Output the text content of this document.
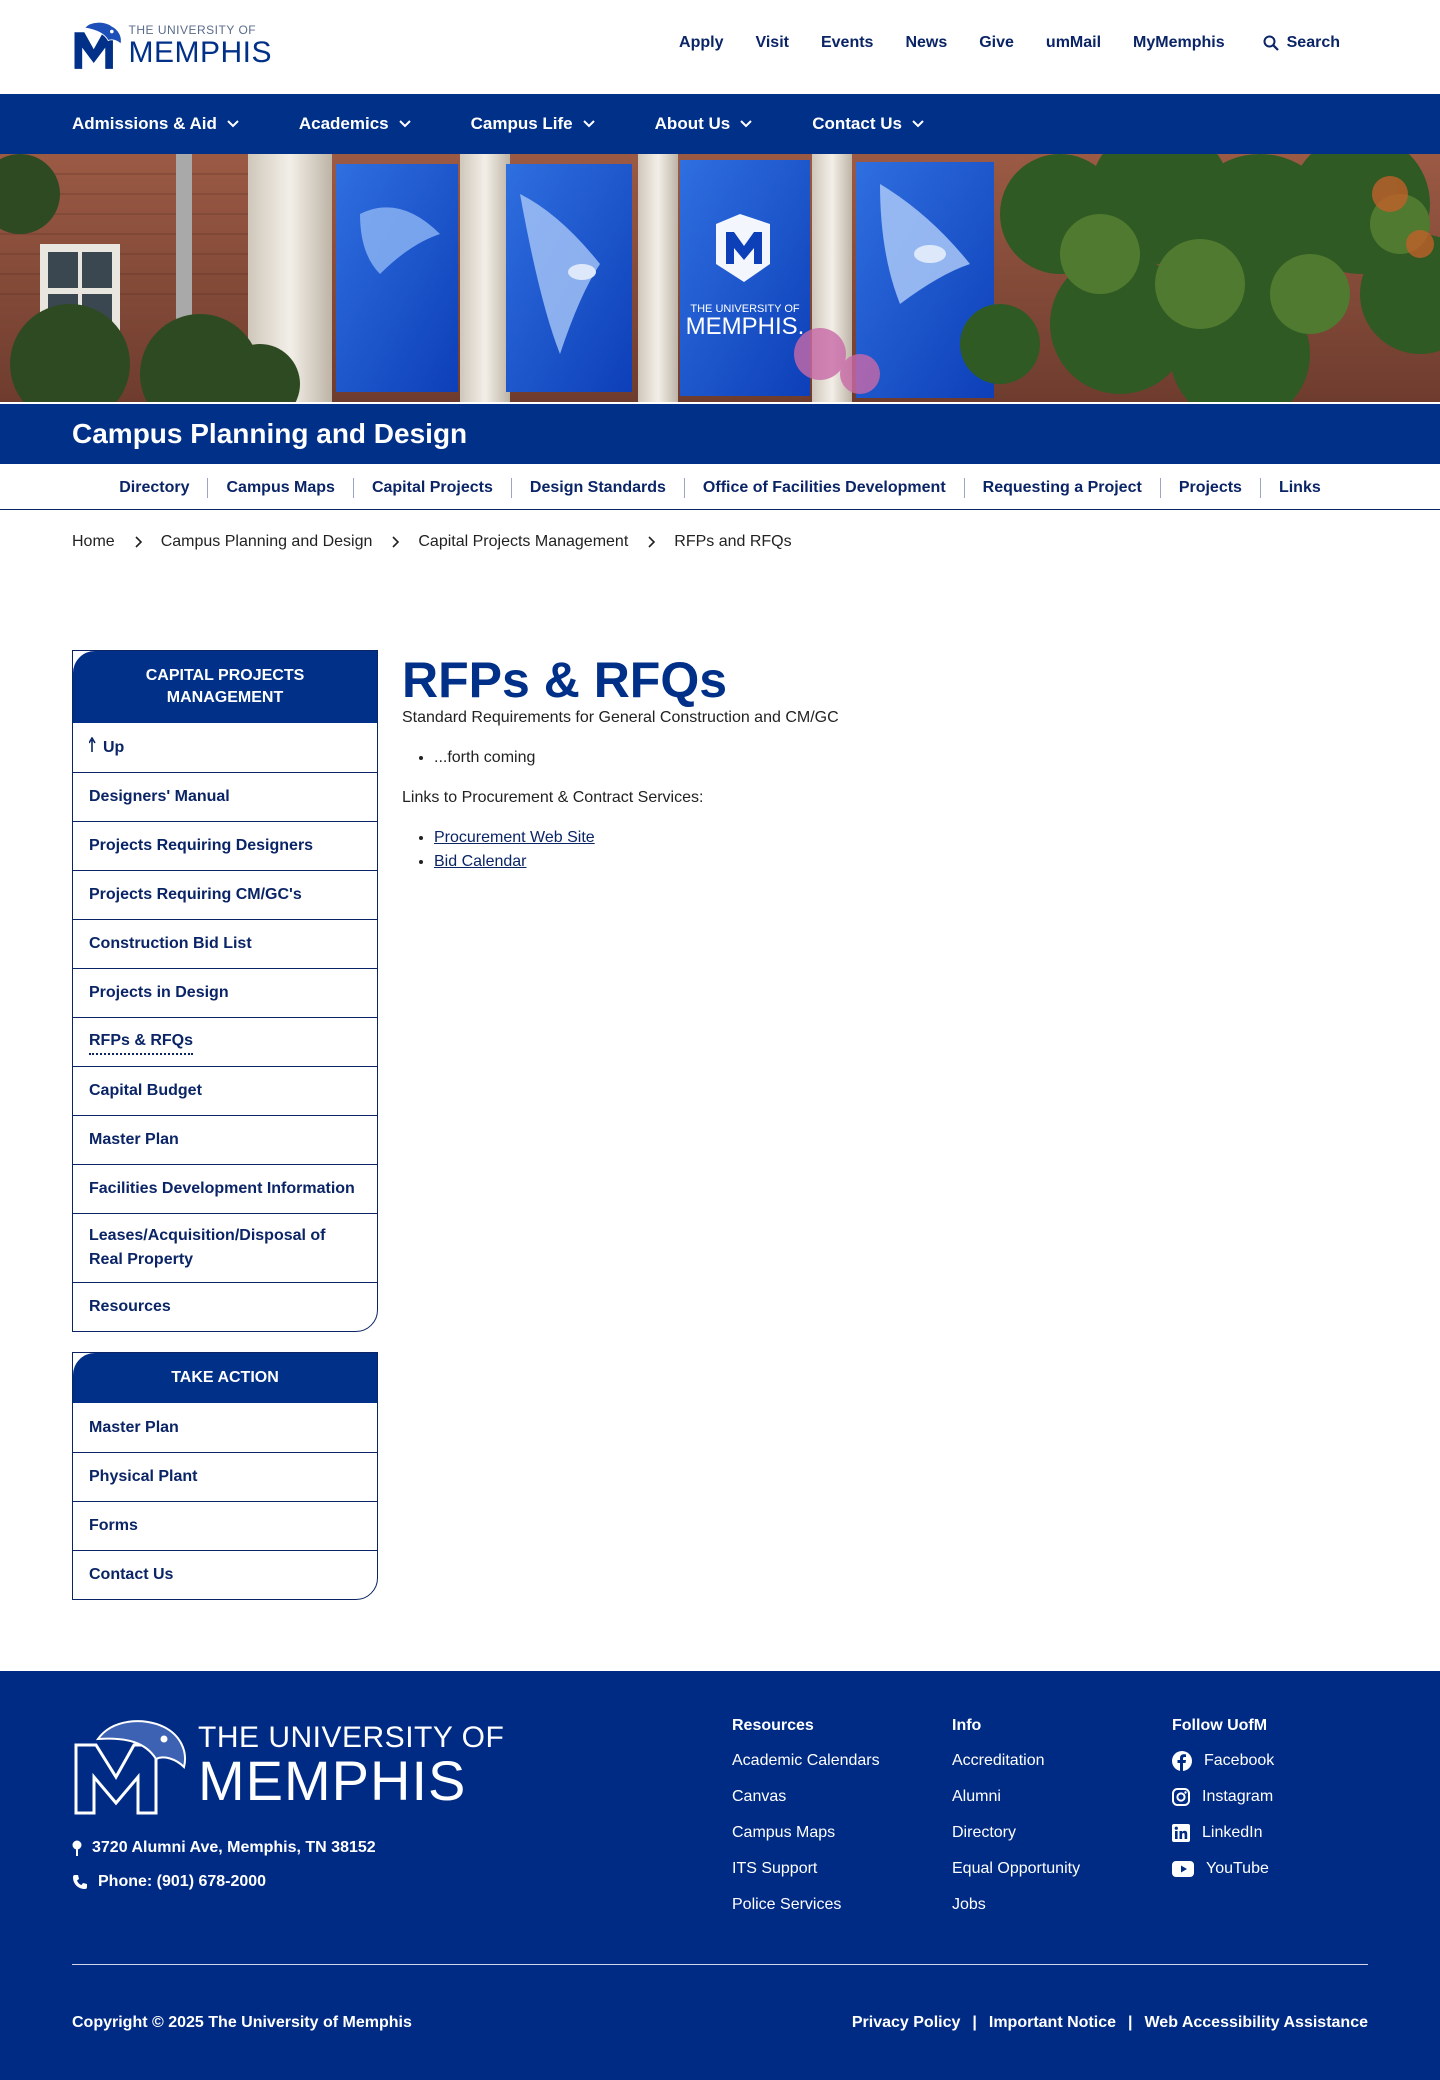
THE UNIVERSITY OF
MEMPHIS	Apply Visit Events News Give umMail MyMemphis	Search
Admissions & Aid	Academics	Campus Life	About Us	Contact Us
THE UNIVERSITY OF
MEMPHIS.
Campus Planning and Design
Directory	Campus Maps	Capital Projects	Design Standards	Office of Facilities Development	Requesting a Project	Projects	Links
Home	Campus Planning and Design	Capital Projects Management	RFPs and RFQs
CAPITAL PROJECTS MANAGEMENT
Up
Designers' Manual
Projects Requiring Designers
Projects Requiring CM/GC's
Construction Bid List
Projects in Design
RFPs & RFQs
Capital Budget
Master Plan
Facilities Development Information
Leases/Acquisition/Disposal of Real Property
Resources
TAKE ACTION
Master Plan
Physical Plant
Forms
Contact Us
RFPs & RFQs

Standard Requirements for General Construction and CM/GC

• ...forth coming

Links to Procurement & Contract Services:

• Procurement Web Site
• Bid Calendar
THE UNIVERSITY OF
MEMPHIS
3720 Alumni Ave, Memphis, TN 38152
Phone: (901) 678-2000
Resources
Academic Calendars
Canvas
Campus Maps
ITS Support
Police Services
Info
Accreditation
Alumni
Directory
Equal Opportunity
Jobs
Follow UofM
Facebook
Instagram
LinkedIn
YouTube
Copyright © 2025 The University of Memphis	Privacy Policy | Important Notice | Web Accessibility Assistance
